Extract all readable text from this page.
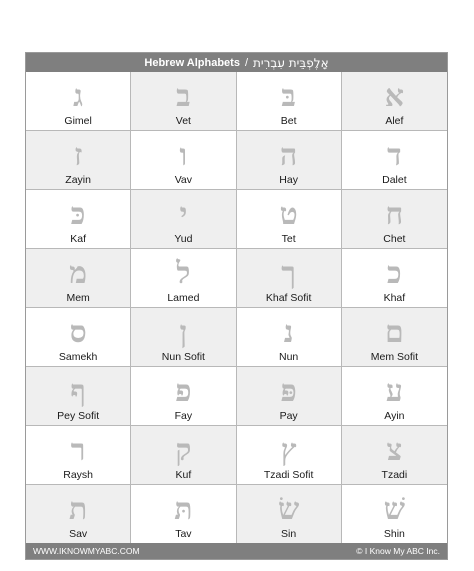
Hebrew Alphabets / אָלֶפְבֵּית עִבְרִית
ג
Gimel
ב
Vet
בּ
Bet
א
Alef
ז
Zayin
ו
Vav
ה
Hay
ד
Dalet
כּ
Kaf
י
Yud
ט
Tet
ח
Chet
מ
Mem
ל
Lamed
ך
Khaf Sofit
כ
Khaf
ס
Samekh
ן
Nun Sofit
נ
Nun
ם
Mem Sofit
ף
Pey Sofit
פ
Fay
פּ
Pay
ע
Ayin
ר
Raysh
ק
Kuf
ץ
Tzadi Sofit
צ
Tzadi
ת
Sav
תּ
Tav
שׂ
Sin
שׁ
Shin
WWW.IKNOWMYABC.COM	© I Know My ABC Inc.
